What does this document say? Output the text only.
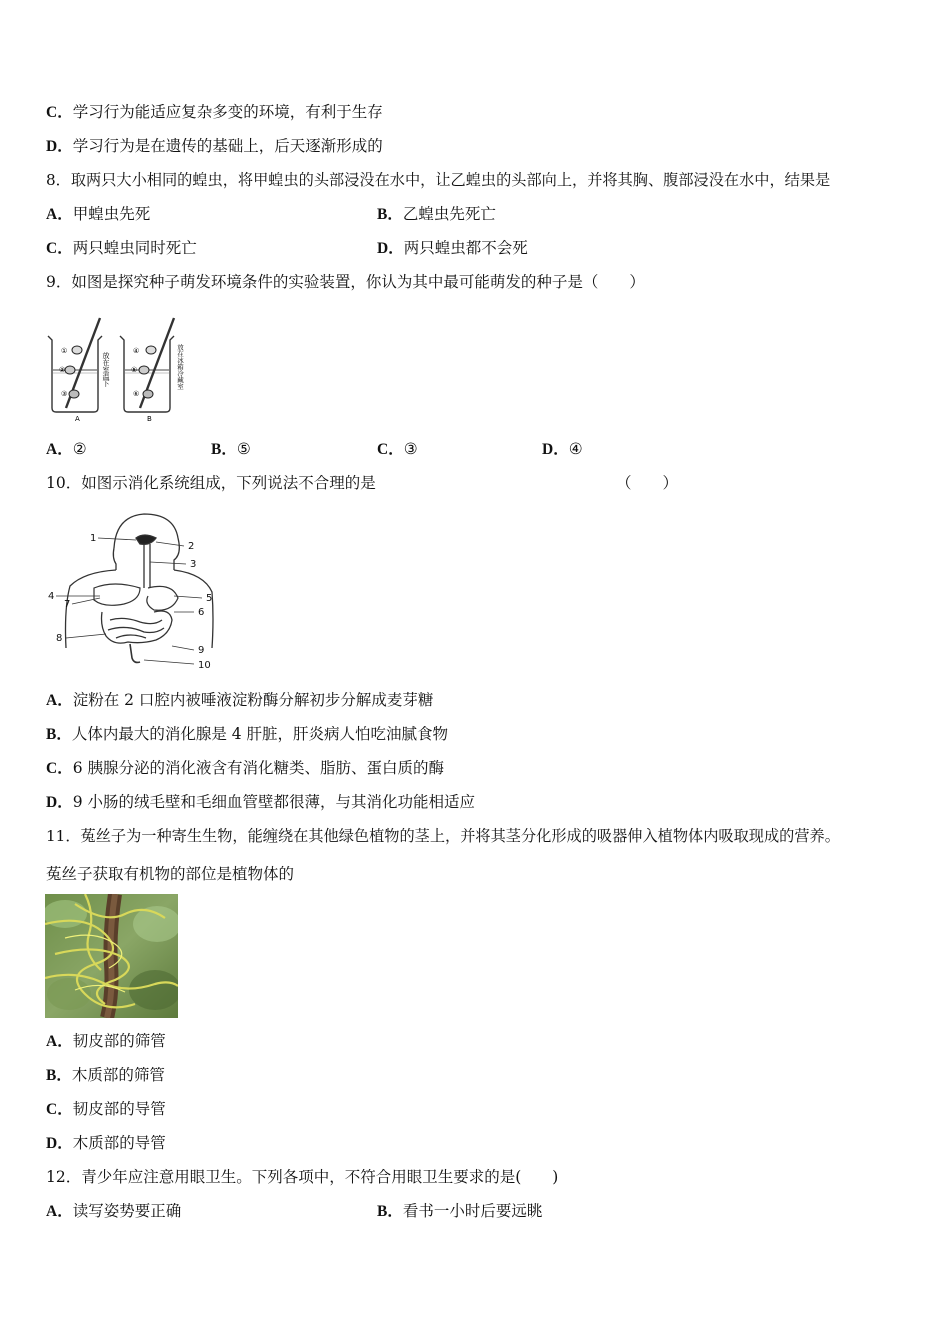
C．学习行为能适应复杂多变的环境，有利于生存
D．学习行为是在遗传的基础上，后天逐渐形成的
8．取两只大小相同的蝗虫，将甲蝗虫的头部浸没在水中，让乙蝗虫的头部向上，并将其胸、腹部浸没在水中，结果是
A．甲蝗虫先死	B．乙蝗虫先死亡
C．两只蝗虫同时死亡	D．两只蝗虫都不会死
9．如图是探究种子萌发环境条件的实验装置，你认为其中最可能萌发的种子是（　　）
①
②
③
A
放在室温下
④
⑤
⑥
B
放在冰箱冷藏室
A．②	B．⑤	C．③	D．④
10．如图示消化系统组成，下列说法不合理的是	（　　）
1
2
3
4	5
6
7
8
9
10
A．淀粉在 2 口腔内被唾液淀粉酶分解初步分解成麦芽糖
B．人体内最大的消化腺是 4 肝脏，肝炎病人怕吃油腻食物
C．6 胰腺分泌的消化液含有消化糖类、脂肪、蛋白质的酶
D．9 小肠的绒毛壁和毛细血管壁都很薄，与其消化功能相适应
11．菟丝子为一种寄生生物，能缠绕在其他绿色植物的茎上，并将其茎分化形成的吸器伸入植物体内吸取现成的营养。
菟丝子获取有机物的部位是植物体的
A．韧皮部的筛管
B．木质部的筛管
C．韧皮部的导管
D．木质部的导管
12．青少年应注意用眼卫生。下列各项中，不符合用眼卫生要求的是(　　)
A．读写姿势要正确	B．看书一小时后要远眺
